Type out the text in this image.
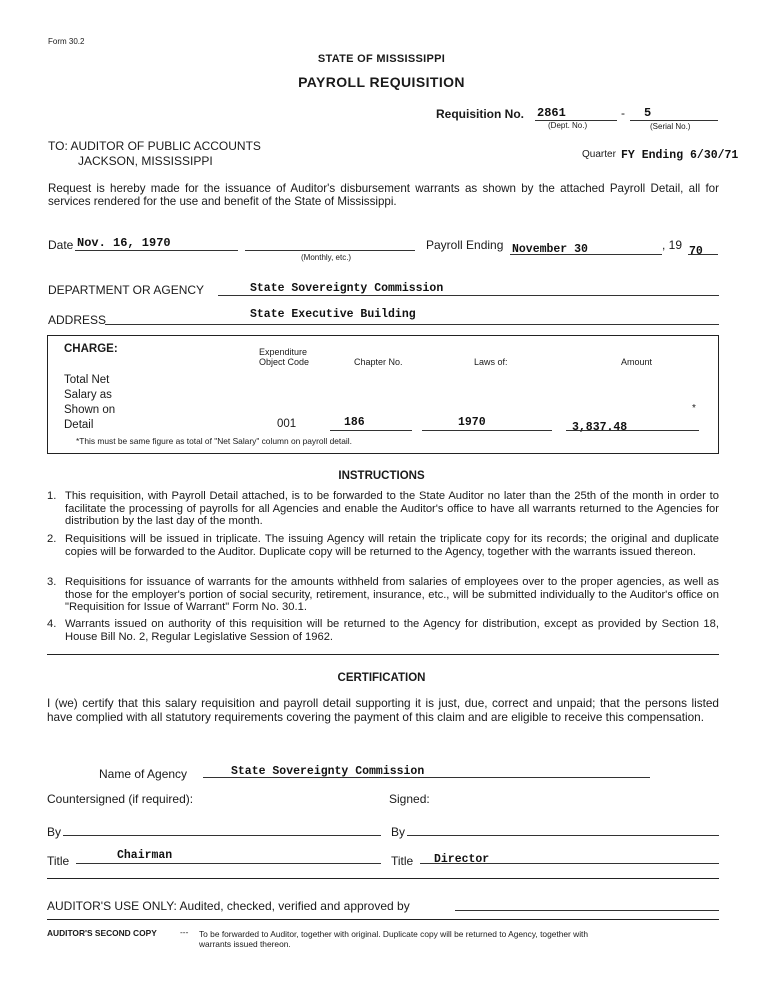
Form 30.2
STATE OF MISSISSIPPI
PAYROLL REQUISITION
Requisition No. 2861	- 5
(Dept. No.)	(Serial No.)
TO: AUDITOR OF PUBLIC ACCOUNTS
JACKSON, MISSISSIPPI	Quarter FY Ending 6/30/71
Request is hereby made for the issuance of Auditor's disbursement warrants as shown by the attached Payroll Detail, all for services rendered for the use and benefit of the State of Mississippi.
Date Nov. 16, 1970
(Monthly, etc.)
Payroll Ending November 30	, 19 70
DEPARTMENT OR AGENCY	State Sovereignty Commission
ADDRESS	State Executive Building
CHARGE:	Expenditure
Object Code	Chapter No.	Laws of:	Amount
Total Net
Salary as
Shown on
Detail	001	186	1970	3,837.48
*
*This must be same figure as total of "Net Salary" column on payroll detail.
INSTRUCTIONS
1. This requisition, with Payroll Detail attached, is to be forwarded to the State Auditor no later than the 25th of the month in order to facilitate the processing of payrolls for all Agencies and enable the Auditor's office to have all warrants returned to the Agencies for distribution by the last day of the month.
2. Requisitions will be issued in triplicate. The issuing Agency will retain the triplicate copy for its records; the original and duplicate copies will be forwarded to the Auditor. Duplicate copy will be returned to the Agency, together with the warrants issued thereon.
3. Requisitions for issuance of warrants for the amounts withheld from salaries of employees over to the proper agencies, as well as those for the employer's portion of social security, retirement, insurance, etc., will be submitted individually to the Auditor's office on "Requisition for Issue of Warrant" Form No. 30.1.
4. Warrants issued on authority of this requisition will be returned to the Agency for distribution, except as provided by Section 18, House Bill No. 2, Regular Legislative Session of 1962.
CERTIFICATION
I (we) certify that this salary requisition and payroll detail supporting it is just, due, correct and unpaid; that the persons listed have complied with all statutory requirements covering the payment of this claim and are eligible to receive this compensation.
Name of Agency	State Sovereignty Commission
Countersigned (if required):	Signed:
By	By
Title	Chairman	Title Director
AUDITOR'S USE ONLY: Audited, checked, verified and approved by
AUDITOR'S SECOND COPY	--- To be forwarded to Auditor, together with original. Duplicate copy will be returned to Agency, together with
warrants issued thereon.
